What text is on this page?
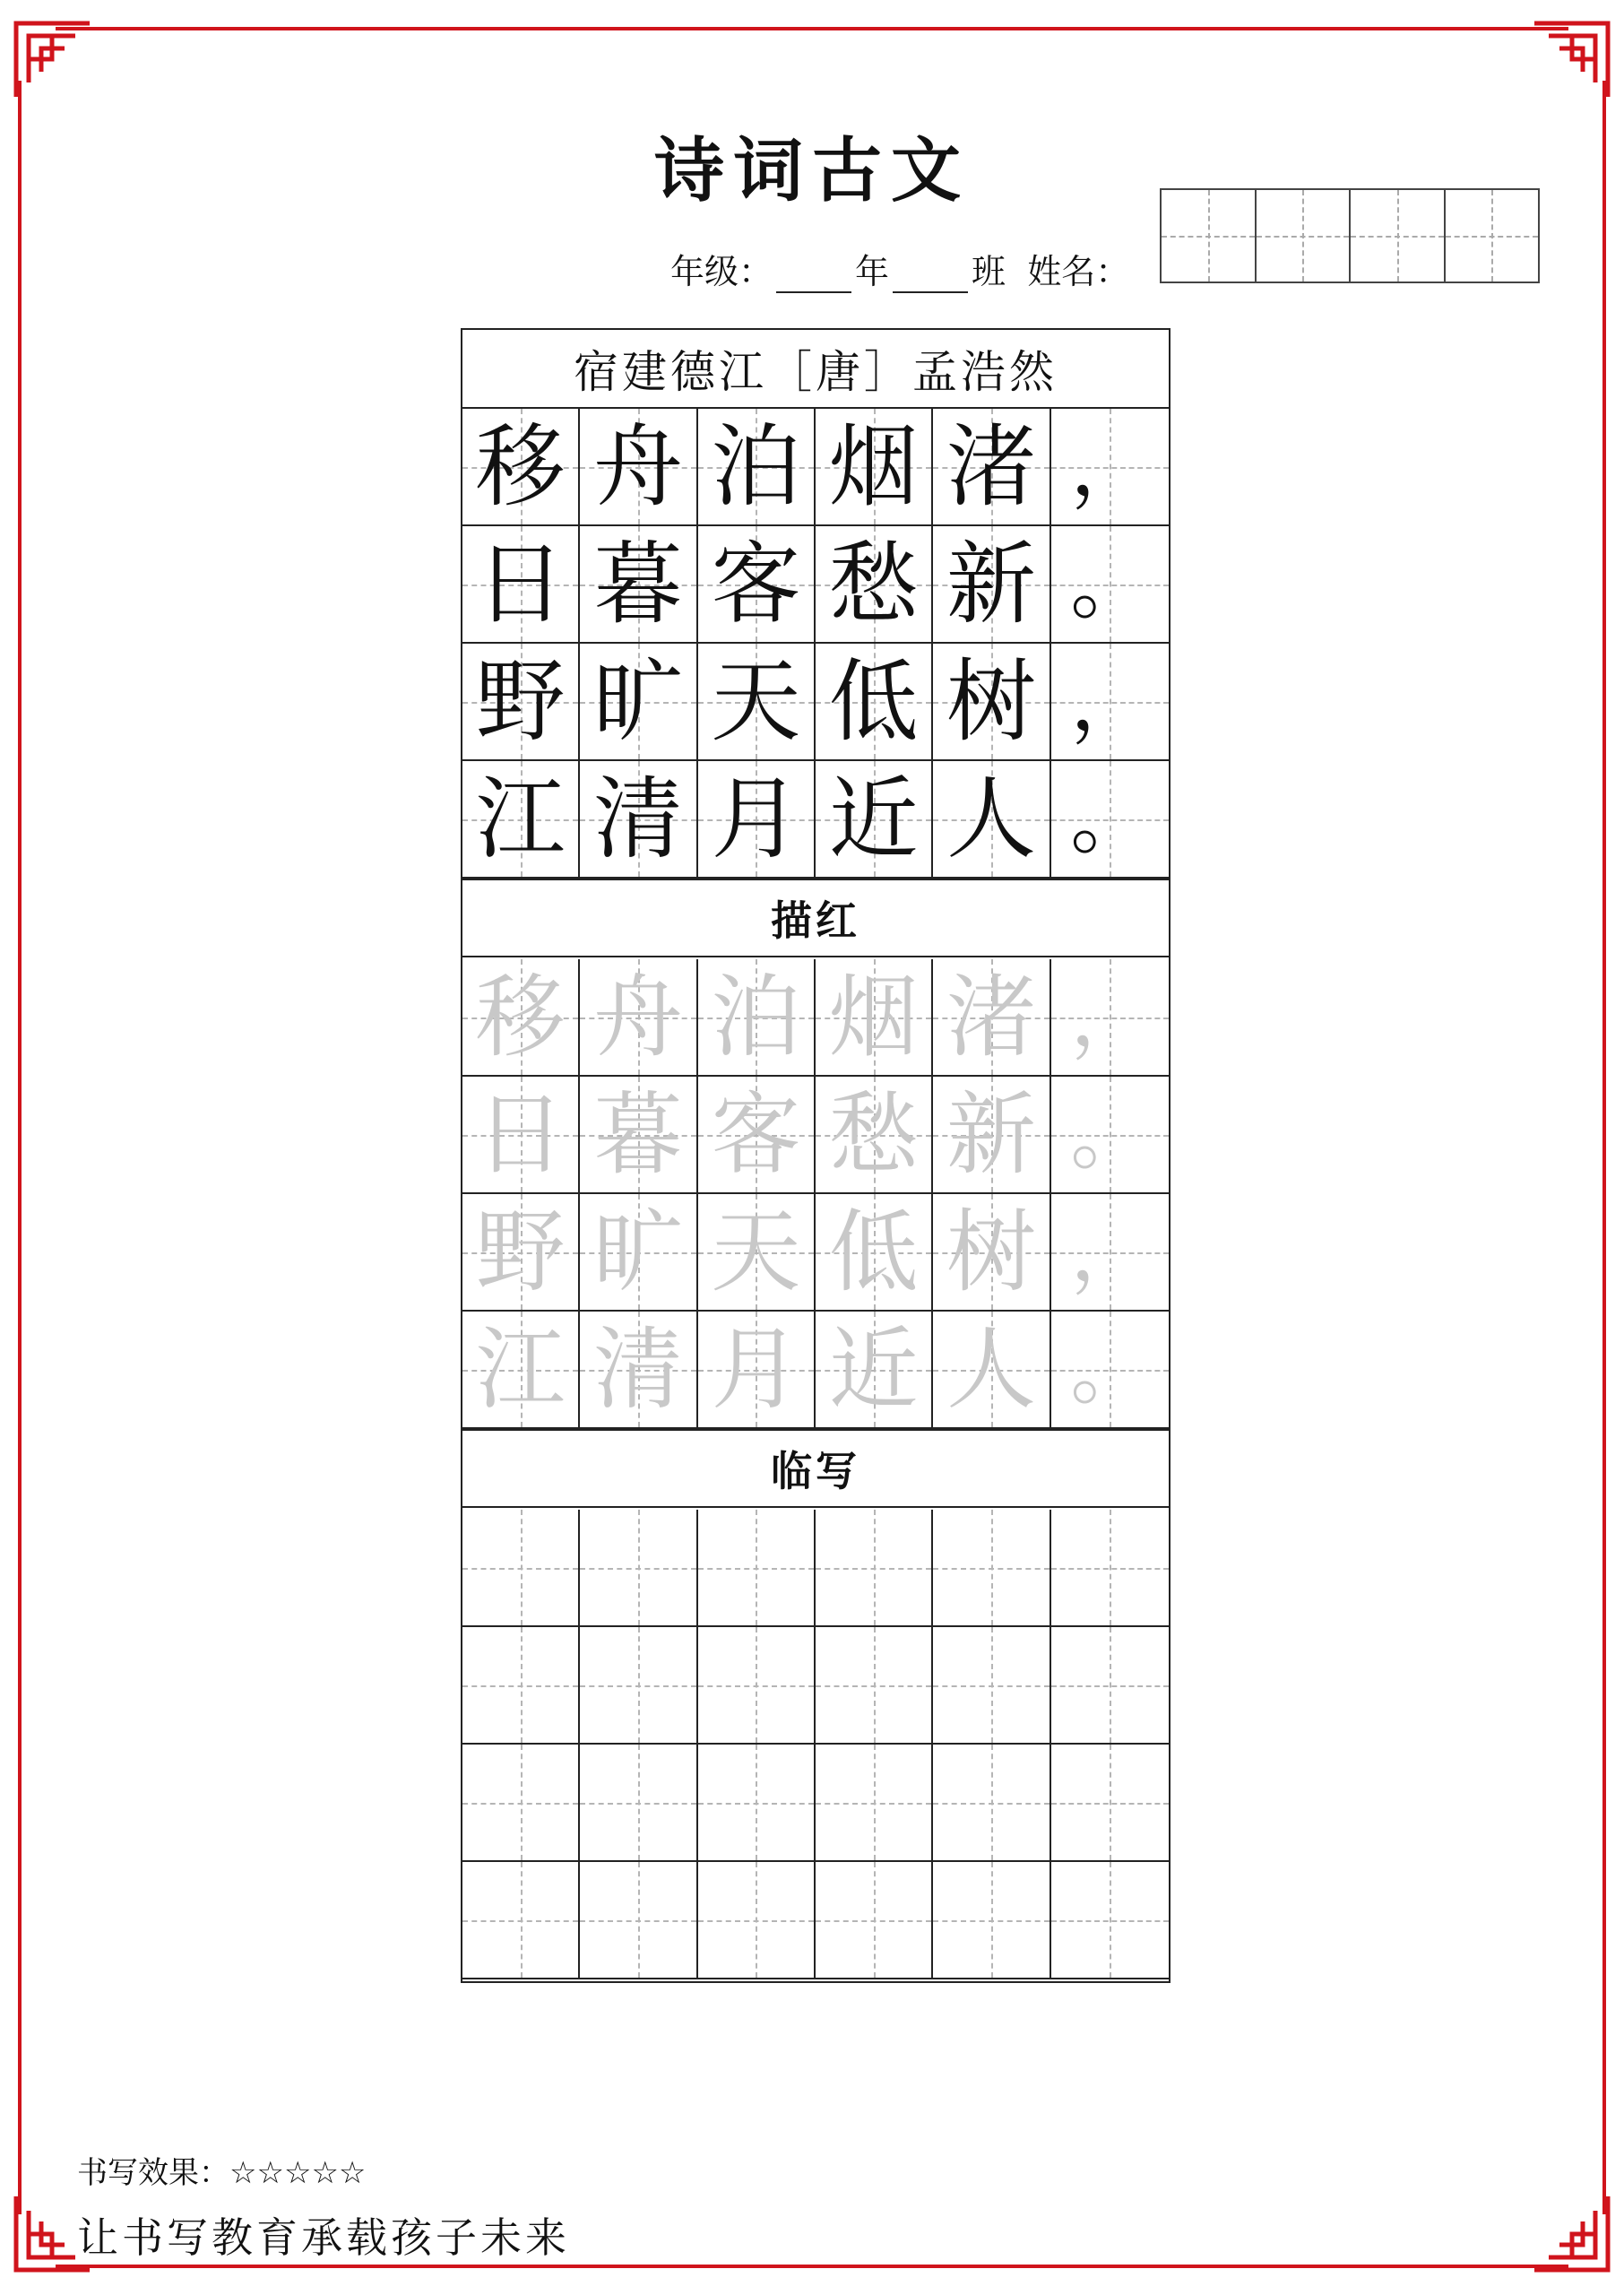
诗词古文
年级： 年 班 姓名：
宿建德江［唐］孟浩然
移 舟 泊 烟 渚 ，
日 暮 客 愁 新 。
野 旷 天 低 树 ，
江 清 月 近 人 。
描红
移 舟 泊 烟 渚 ，
日 暮 客 愁 新 。
野 旷 天 低 树 ，
江 清 月 近 人 。
临写
书写效果：☆☆☆☆☆
让书写教育承载孩子未来
